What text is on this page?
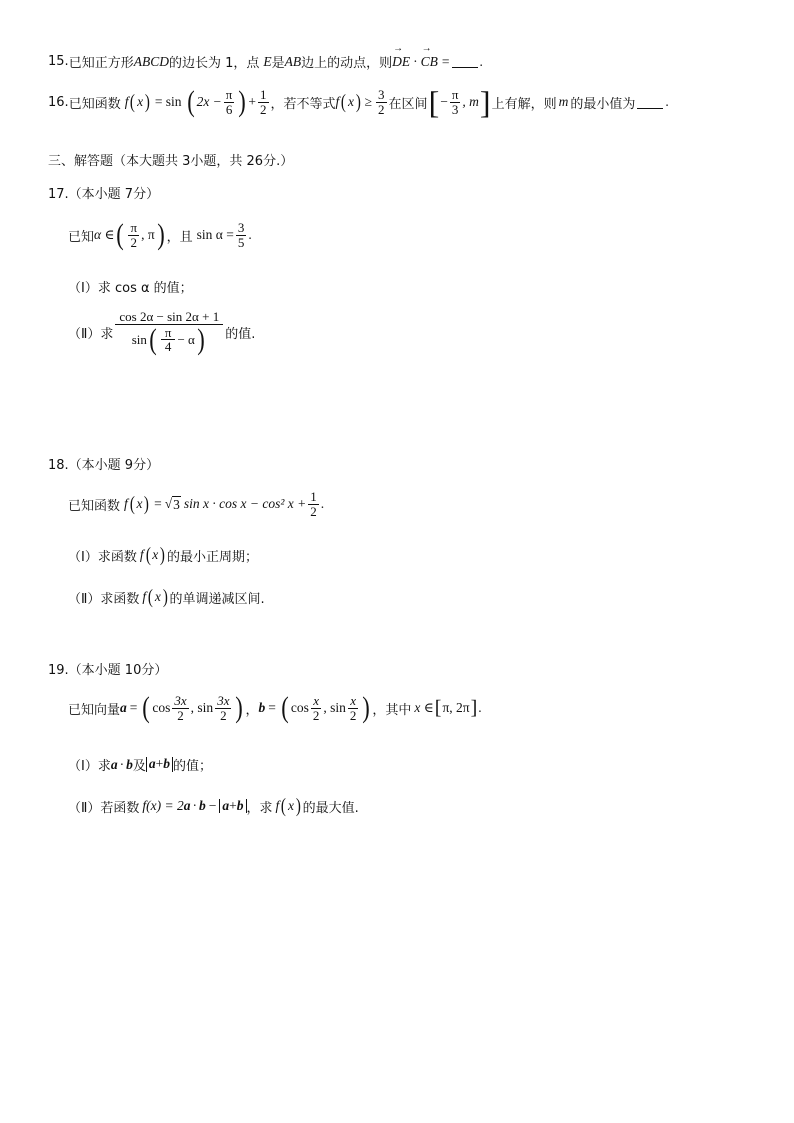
15. 已知正方形 ABCD 的边长为 1，点 E 是 AB 边上的动点，则 → DE · → CB = .
16. 已知函数 f ( x ) = sin ( $2x - \frac{\pi}{6}$ ) + $\frac{1}{2}$ ，若不等式 f ( x ) ≥ $\frac{3}{2}$ 在区间 [ − $\frac{\pi}{3}$ , m ] 上有解，则 m 的最小值为 .
三、解答题（本大题共 3小题，共 26分.）
17.（本小题 7分）
已知 α ∈ ( $\frac{\pi}{2}$ , π ) ，且 $\sin \alpha = \frac{3}{5}$ .
（Ⅰ）求 cos α 的值；
（Ⅱ）求 $\frac{\cos 2\alpha - \sin 2\alpha + 1}{\sin ( \frac{\pi}{4} - \alpha )}$ 的值.
18.（本小题 9分）
已知函数 f ( x ) = √ 3 sin x · cos x − cos² $x + \frac{1}{2}$ .
（Ⅰ）求函数 f ( x ) 的最小正周期；
（Ⅱ）求函数 f ( x ) 的单调递减区间.
19.（本小题 10分）
已知向量 a = ( $\cos \frac{3x}{2}$ , $\sin \frac{3x}{2}$ ) ， b = ( $\cos \frac{x}{2}$ , $\sin \frac{x}{2}$ ) ，其中 x ∈ [ π, 2π ] .
（Ⅰ）求 a · b 及 a+b 的值；
（Ⅱ）若函数 f(x) = 2 a · b − a+b ，求 f ( x ) 的最大值.
